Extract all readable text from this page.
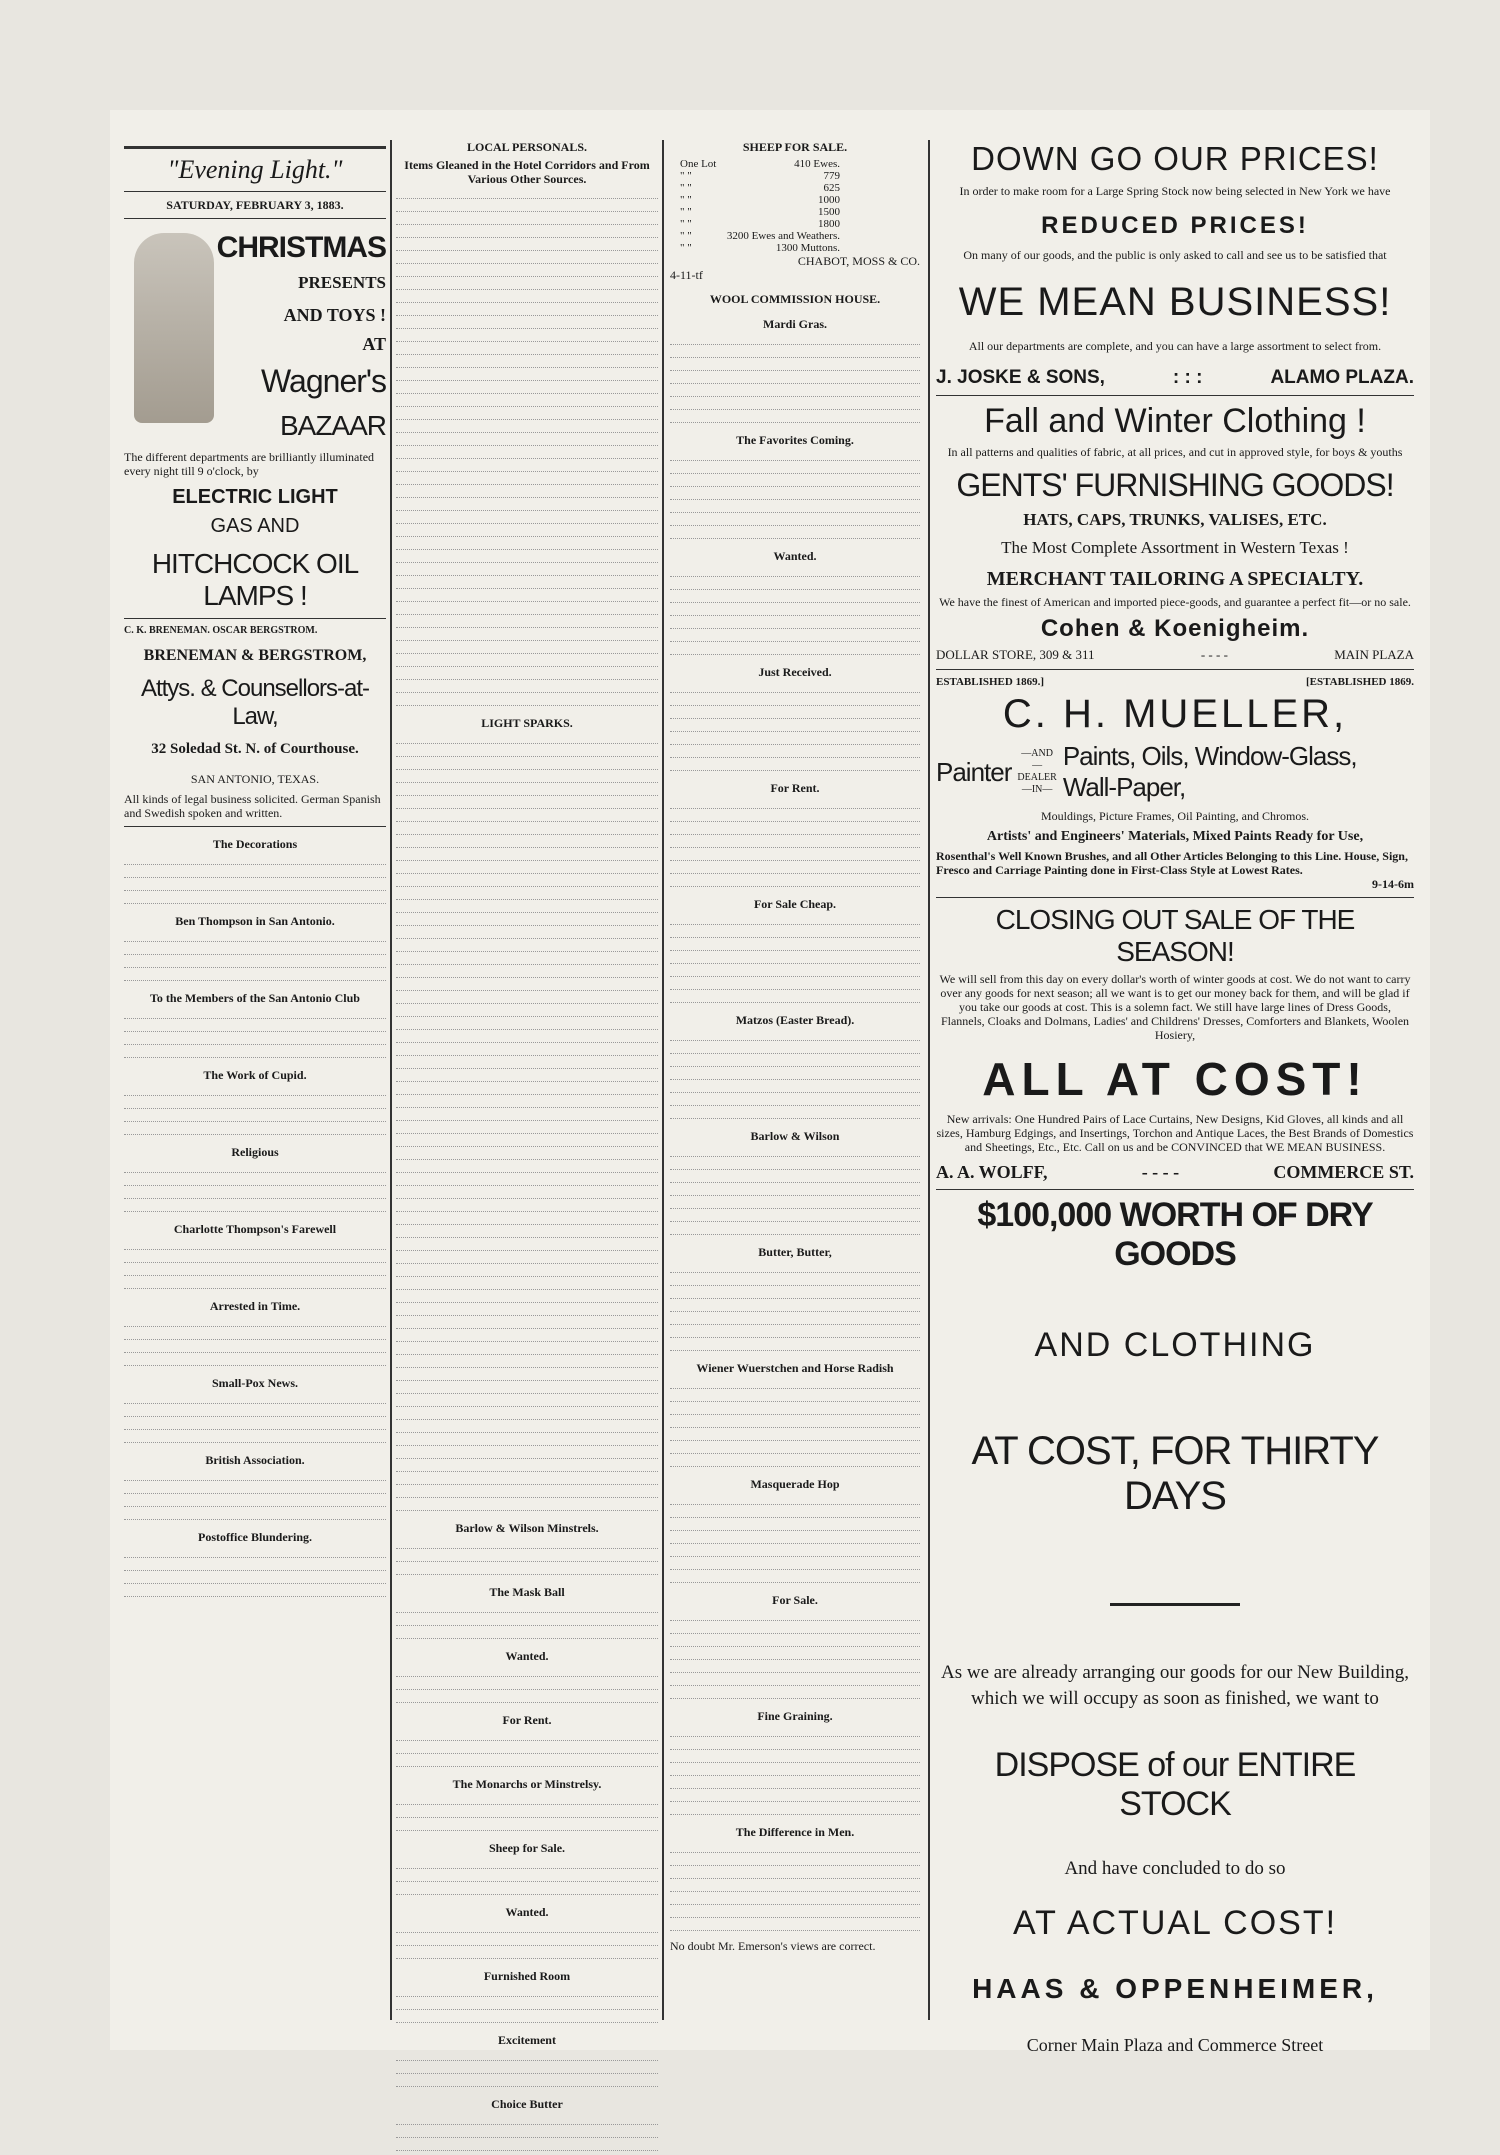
"Evening Light."
SATURDAY, FEBRUARY 3, 1883.
CHRISTMAS
PRESENTS
AND TOYS !
AT
Wagner's
BAZAAR
The different departments are brilliantly illuminated every night till 9 o'clock, by
ELECTRIC LIGHT
GAS AND
HITCHCOCK OIL LAMPS !
C. K. BRENEMAN. OSCAR BERGSTROM.
BRENEMAN & BERGSTROM,
Attys. & Counsellors-at-Law,
32 Soledad St. N. of Courthouse.
SAN ANTONIO, TEXAS.
All kinds of legal business solicited. German Spanish and Swedish spoken and written.
The Decorations
Ben Thompson in San Antonio.
To the Members of the San Antonio Club
The Work of Cupid.
Religious
Charlotte Thompson's Farewell
Arrested in Time.
Small-Pox News.
British Association.
Postoffice Blundering.
LOCAL PERSONALS.
Items Gleaned in the Hotel Corridors and From Various Other Sources.
LIGHT SPARKS.
Barlow & Wilson Minstrels.
The Mask Ball
Wanted.
For Rent.
The Monarchs or Minstrelsy.
Sheep for Sale.
Wanted.
Furnished Room
Excitement
Choice Butter
SHEEP FOR SALE.
One Lot	410 Ewes.
" "	779
" "	625
" "	1000
" "	1500
" "	1800
" "	3200 Ewes and Weathers.
" "	1300 Muttons.
CHABOT, MOSS & CO.
4-11-tf
WOOL COMMISSION HOUSE.
Mardi Gras.
The Favorites Coming.
Wanted.
Just Received.
For Rent.
For Sale Cheap.
Matzos (Easter Bread).
Barlow & Wilson
Butter, Butter,
Wiener Wuerstchen and Horse Radish
Masquerade Hop
For Sale.
Fine Graining.
The Difference in Men.
No doubt Mr. Emerson's views are correct.
DOWN GO OUR PRICES!
In order to make room for a Large Spring Stock now being selected in New York we have
REDUCED PRICES!
On many of our goods, and the public is only asked to call and see us to be satisfied that
WE MEAN BUSINESS!
All our departments are complete, and you can have a large assortment to select from.
J. JOSKE & SONS,	: : :	ALAMO PLAZA.
Fall and Winter Clothing !
In all patterns and qualities of fabric, at all prices, and cut in approved style, for boys & youths
GENTS' FURNISHING GOODS!
HATS, CAPS, TRUNKS, VALISES, ETC.
The Most Complete Assortment in Western Texas !
MERCHANT TAILORING A SPECIALTY.
We have the finest of American and imported piece-goods, and guarantee a perfect fit—or no sale.
Cohen & Koenigheim.
DOLLAR STORE, 309 & 311	- - - -	MAIN PLAZA
ESTABLISHED 1869.]	[ESTABLISHED 1869.
C. H. MUELLER,
Painter
—AND— DEALER —IN—
Paints, Oils, Window-Glass, Wall-Paper,
Mouldings, Picture Frames, Oil Painting, and Chromos.
Artists' and Engineers' Materials, Mixed Paints Ready for Use,
Rosenthal's Well Known Brushes, and all Other Articles Belonging to this Line. House, Sign, Fresco and Carriage Painting done in First-Class Style at Lowest Rates.
9-14-6m
CLOSING OUT SALE OF THE SEASON!
We will sell from this day on every dollar's worth of winter goods at cost. We do not want to carry over any goods for next season; all we want is to get our money back for them, and will be glad if you take our goods at cost. This is a solemn fact. We still have large lines of Dress Goods, Flannels, Cloaks and Dolmans, Ladies' and Childrens' Dresses, Comforters and Blankets, Woolen Hosiery,
ALL AT COST!
New arrivals: One Hundred Pairs of Lace Curtains, New Designs, Kid Gloves, all kinds and all sizes, Hamburg Edgings, and Insertings, Torchon and Antique Laces, the Best Brands of Domestics and Sheetings, Etc., Etc. Call on us and be CONVINCED that WE MEAN BUSINESS.
A. A. WOLFF,	- - - -	COMMERCE ST.
$100,000 WORTH OF DRY GOODS
AND CLOTHING
AT COST, FOR THIRTY DAYS
As we are already arranging our goods for our New Building, which we will occupy as soon as finished, we want to
DISPOSE of our ENTIRE STOCK
And have concluded to do so
AT ACTUAL COST!
HAAS & OPPENHEIMER,
Corner Main Plaza and Commerce Street
